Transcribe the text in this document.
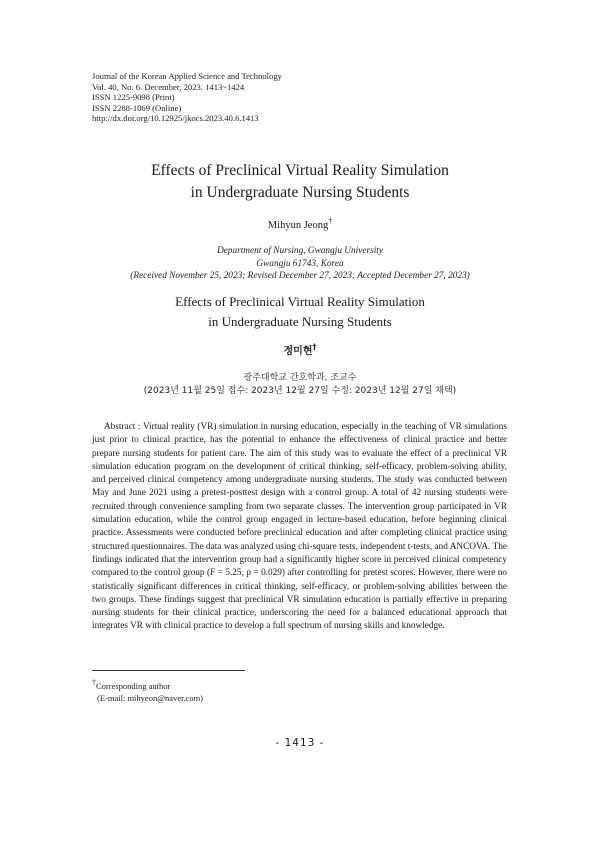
Journal of the Korean Applied Science and Technology
Vol. 40, No. 6. December, 2023. 1413~1424
ISSN 1225-9098 (Print)
ISSN 2288-1069 (Online)
http://dx.doi.org/10.12925/jkocs.2023.40.6.1413
Effects of Preclinical Virtual Reality Simulation
in Undergraduate Nursing Students
Mihyun Jeong†
Department of Nursing, Gwangju University
Gwangju 61743, Korea
(Received November 25, 2023; Revised December 27, 2023; Accepted December 27, 2023)
Effects of Preclinical Virtual Reality Simulation
in Undergraduate Nursing Students
정미현†
광주대학교 간호학과, 조교수
(2023년 11월 25일 접수: 2023년 12월 27일 수정: 2023년 12월 27일 채택)
Abstract : Virtual reality (VR) simulation in nursing education, especially in the teaching of VR simulations just prior to clinical practice, has the potential to enhance the effectiveness of clinical practice and better prepare nursing students for patient care. The aim of this study was to evaluate the effect of a preclinical VR simulation education program on the development of critical thinking, self-efficacy, problem-solving ability, and perceived clinical competency among undergraduate nursing students. The study was conducted between May and June 2021 using a pretest-posttest design with a control group. A total of 42 nursing students were recruited through convenience sampling from two separate classes. The intervention group participated in VR simulation education, while the control group engaged in lecture-based education, before beginning clinical practice. Assessments were conducted before preclinical education and after completing clinical practice using structured questionnaires. The data was analyzed using chi-square tests, independent t-tests, and ANCOVA. The findings indicated that the intervention group had a significantly higher score in perceived clinical competency compared to the control group (F = 5.25, p = 0.029) after controlling for pretest scores. However, there were no statistically significant differences in critical thinking, self-efficacy, or problem-solving abilities between the two groups. These findings suggest that preclinical VR simulation education is partially effective in preparing nursing students for their clinical practice, underscoring the need for a balanced educational approach that integrates VR with clinical practice to develop a full spectrum of nursing skills and knowledge.
†Corresponding author
(E-mail: mihyeon@naver.com)
- 1413 -
